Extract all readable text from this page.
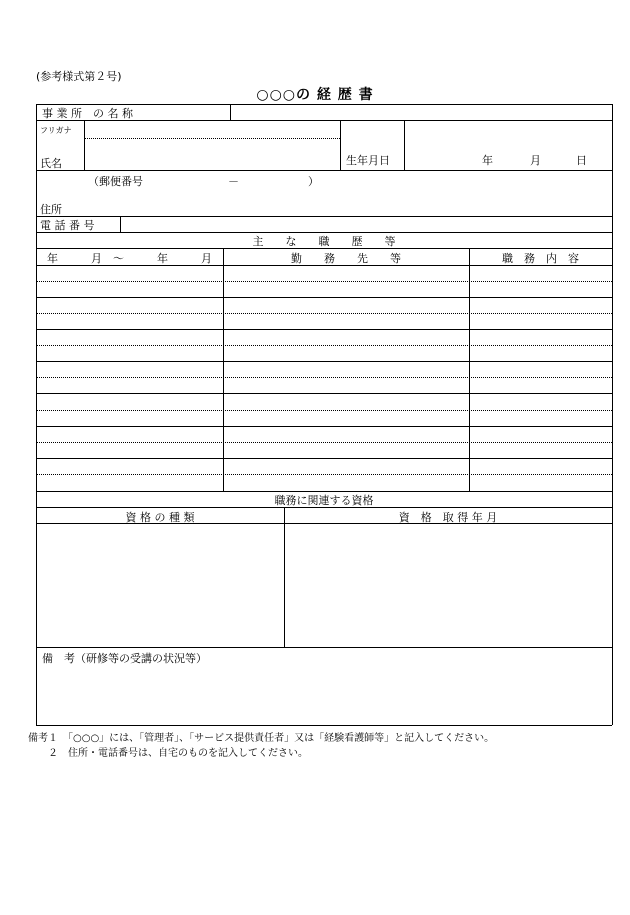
(参考様式第２号)
○○○の 経 歴 書
事 業 所　の 名 称
フリガナ
氏名	生年月日	年	月	日
（郵便番号	－	）
住所
電 話 番 号
主　　な　　職　　歴　　等
年　　　月　～　　　年　　　月	勤　　務　　先　　等	職　務　内　容
職務に関連する資格
資 格 の 種 類	資　格　取 得 年 月
備　考（研修等の受講の状況等）
備考１　「○○○」には、「管理者」、「サービス提供責任者」又は「経験看護師等」と記入してください。
　　２　住所・電話番号は、自宅のものを記入してください。
